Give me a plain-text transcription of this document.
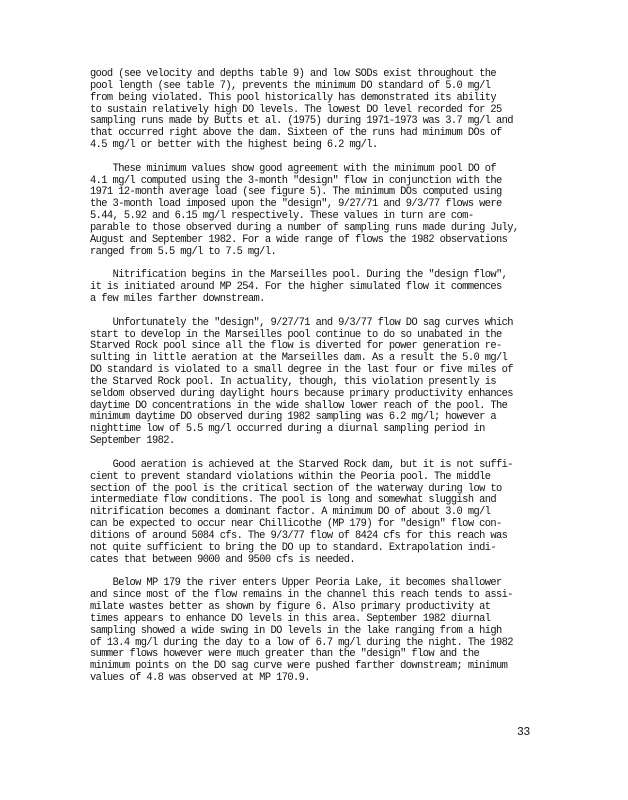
good (see velocity and depths table 9) and low SODs exist throughout the
pool length (see table 7), prevents the minimum DO standard of 5.0 mg/l
from being violated. This pool historically has demonstrated its ability
to sustain relatively high DO levels. The lowest DO level recorded for 25
sampling runs made by Butts et al. (1975) during 1971-1973 was 3.7 mg/l and
that occurred right above the dam. Sixteen of the runs had minimum DOs of
4.5 mg/l or better with the highest being 6.2 mg/l.
These minimum values show good agreement with the minimum pool DO of
4.1 mg/l computed using the 3-month "design" flow in conjunction with the
1971 12-month average load (see figure 5). The minimum DOs computed using
the 3-month load imposed upon the "design", 9/27/71 and 9/3/77 flows were
5.44, 5.92 and 6.15 mg/l respectively. These values in turn are com-
parable to those observed during a number of sampling runs made during July,
August and September 1982. For a wide range of flows the 1982 observations
ranged from 5.5 mg/l to 7.5 mg/l.
Nitrification begins in the Marseilles pool. During the "design flow",
it is initiated around MP 254. For the higher simulated flow it commences
a few miles farther downstream.
Unfortunately the "design", 9/27/71 and 9/3/77 flow DO sag curves which
start to develop in the Marseilles pool continue to do so unabated in the
Starved Rock pool since all the flow is diverted for power generation re-
sulting in little aeration at the Marseilles dam. As a result the 5.0 mg/l
DO standard is violated to a small degree in the last four or five miles of
the Starved Rock pool. In actuality, though, this violation presently is
seldom observed during daylight hours because primary productivity enhances
daytime DO concentrations in the wide shallow lower reach of the pool. The
minimum daytime DO observed during 1982 sampling was 6.2 mg/l; however a
nighttime low of 5.5 mg/l occurred during a diurnal sampling period in
September 1982.
Good aeration is achieved at the Starved Rock dam, but it is not suffi-
cient to prevent standard violations within the Peoria pool. The middle
section of the pool is the critical section of the waterway during low to
intermediate flow conditions. The pool is long and somewhat sluggish and
nitrification becomes a dominant factor. A minimum DO of about 3.0 mg/l
can be expected to occur near Chillicothe (MP 179) for "design" flow con-
ditions of around 5084 cfs. The 9/3/77 flow of 8424 cfs for this reach was
not quite sufficient to bring the DO up to standard. Extrapolation indi-
cates that between 9000 and 9500 cfs is needed.
Below MP 179 the river enters Upper Peoria Lake, it becomes shallower
and since most of the flow remains in the channel this reach tends to assi-
milate wastes better as shown by figure 6. Also primary productivity at
times appears to enhance DO levels in this area. September 1982 diurnal
sampling showed a wide swing in DO levels in the lake ranging from a high
of 13.4 mg/l during the day to a low of 6.7 mg/l during the night. The 1982
summer flows however were much greater than the "design" flow and the
minimum points on the DO sag curve were pushed farther downstream; minimum
values of 4.8 was observed at MP 170.9.
33
